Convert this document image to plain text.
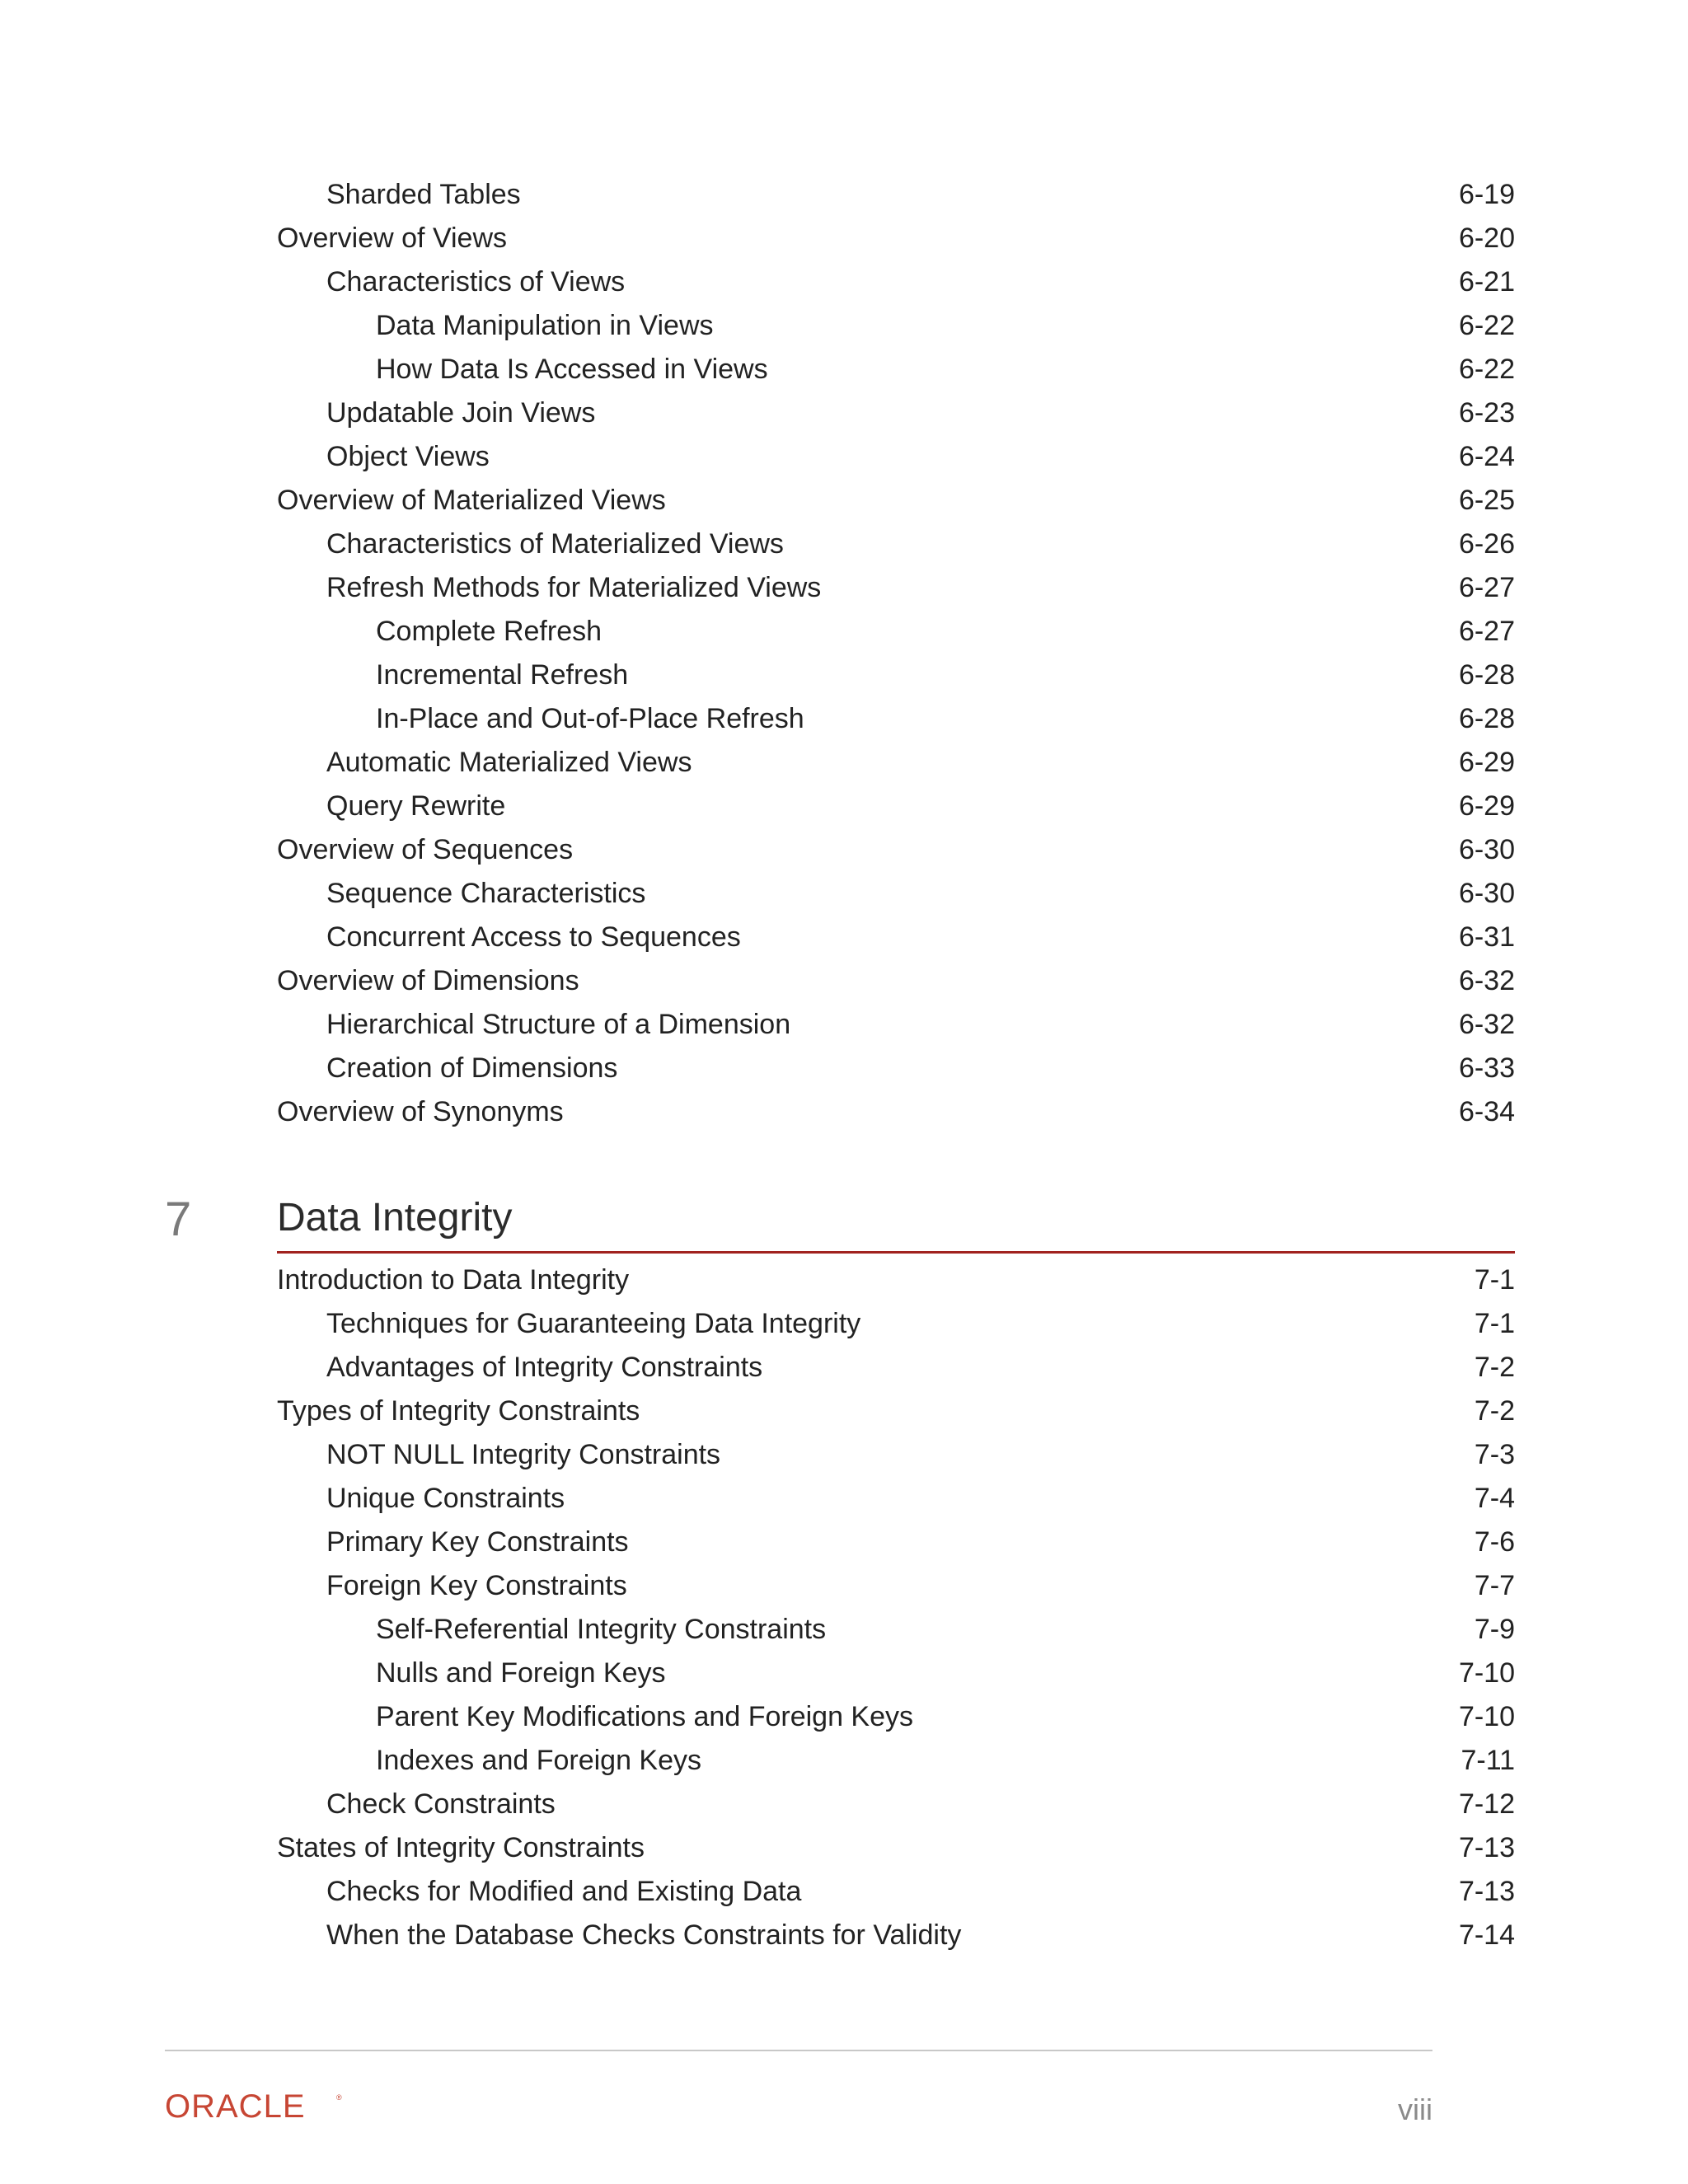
Sharded Tables	6-19
Overview of Views	6-20
Characteristics of Views	6-21
Data Manipulation in Views	6-22
How Data Is Accessed in Views	6-22
Updatable Join Views	6-23
Object Views	6-24
Overview of Materialized Views	6-25
Characteristics of Materialized Views	6-26
Refresh Methods for Materialized Views	6-27
Complete Refresh	6-27
Incremental Refresh	6-28
In-Place and Out-of-Place Refresh	6-28
Automatic Materialized Views	6-29
Query Rewrite	6-29
Overview of Sequences	6-30
Sequence Characteristics	6-30
Concurrent Access to Sequences	6-31
Overview of Dimensions	6-32
Hierarchical Structure of a Dimension	6-32
Creation of Dimensions	6-33
Overview of Synonyms	6-34
7 Data Integrity
Introduction to Data Integrity	7-1
Techniques for Guaranteeing Data Integrity	7-1
Advantages of Integrity Constraints	7-2
Types of Integrity Constraints	7-2
NOT NULL Integrity Constraints	7-3
Unique Constraints	7-4
Primary Key Constraints	7-6
Foreign Key Constraints	7-7
Self-Referential Integrity Constraints	7-9
Nulls and Foreign Keys	7-10
Parent Key Modifications and Foreign Keys	7-10
Indexes and Foreign Keys	7-11
Check Constraints	7-12
States of Integrity Constraints	7-13
Checks for Modified and Existing Data	7-13
When the Database Checks Constraints for Validity	7-14
ORACLE	®	viii
